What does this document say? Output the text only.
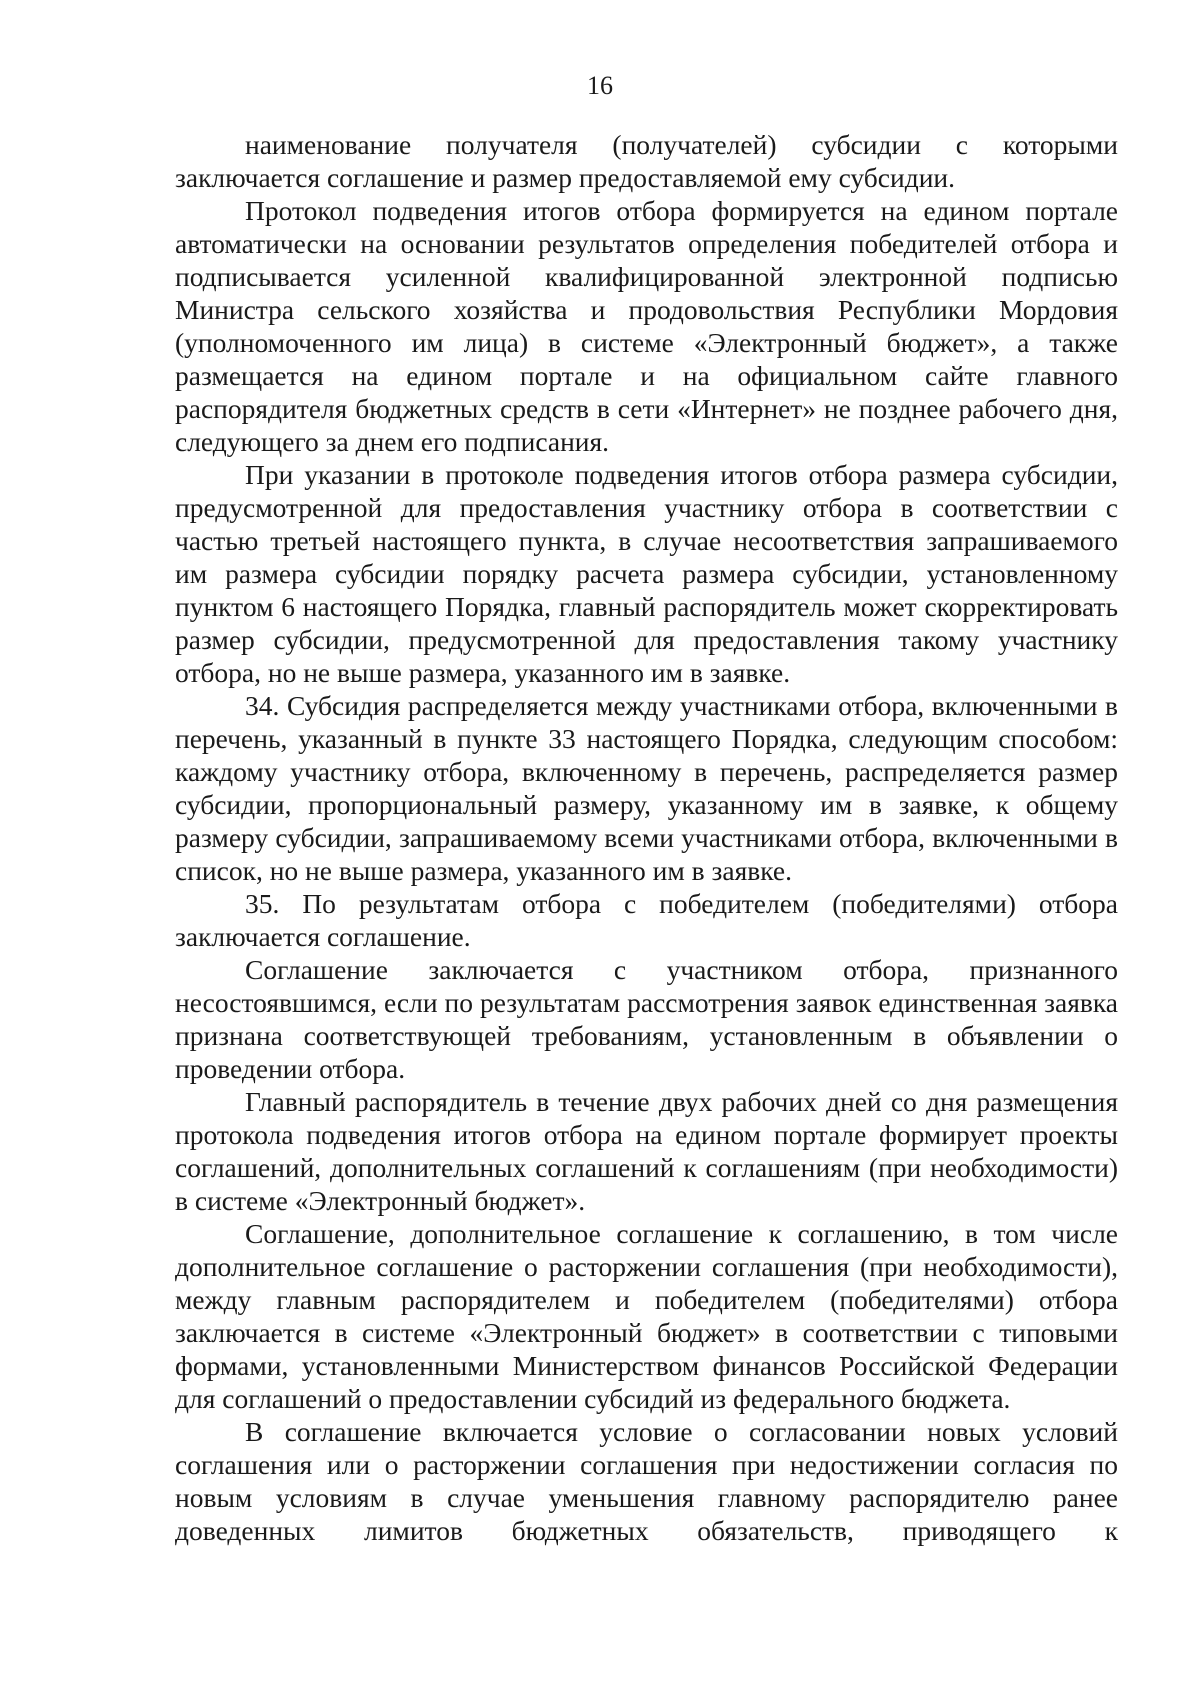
16

наименование получателя (получателей) субсидии с которыми заключается соглашение и размер предоставляемой ему субсидии.

Протокол подведения итогов отбора формируется на едином портале автоматически на основании результатов определения победителей отбора и подписывается усиленной квалифицированной электронной подписью Министра сельского хозяйства и продовольствия Республики Мордовия (уполномоченного им лица) в системе «Электронный бюджет», а также размещается на едином портале и на официальном сайте главного распорядителя бюджетных средств в сети «Интернет» не позднее рабочего дня, следующего за днем его подписания.

При указании в протоколе подведения итогов отбора размера субсидии, предусмотренной для предоставления участнику отбора в соответствии с частью третьей настоящего пункта, в случае несоответствия запрашиваемого им размера субсидии порядку расчета размера субсидии, установленному пунктом 6 настоящего Порядка, главный распорядитель может скорректировать размер субсидии, предусмотренной для предоставления такому участнику отбора, но не выше размера, указанного им в заявке.

34. Субсидия распределяется между участниками отбора, включенными в перечень, указанный в пункте 33 настоящего Порядка, следующим способом: каждому участнику отбора, включенному в перечень, распределяется размер субсидии, пропорциональный размеру, указанному им в заявке, к общему размеру субсидии, запрашиваемому всеми участниками отбора, включенными в список, но не выше размера, указанного им в заявке.

35. По результатам отбора с победителем (победителями) отбора заключается соглашение.

Соглашение заключается с участником отбора, признанного несостоявшимся, если по результатам рассмотрения заявок единственная заявка признана соответствующей требованиям, установленным в объявлении о проведении отбора.

Главный распорядитель в течение двух рабочих дней со дня размещения протокола подведения итогов отбора на едином портале формирует проекты соглашений, дополнительных соглашений к соглашениям (при необходимости) в системе «Электронный бюджет».

Соглашение, дополнительное соглашение к соглашению, в том числе дополнительное соглашение о расторжении соглашения (при необходимости), между главным распорядителем и победителем (победителями) отбора заключается в системе «Электронный бюджет» в соответствии с типовыми формами, установленными Министерством финансов Российской Федерации для соглашений о предоставлении субсидий из федерального бюджета.

В соглашение включается условие о согласовании новых условий соглашения или о расторжении соглашения при недостижении согласия по новым условиям в случае уменьшения главному распорядителю ранее доведенных лимитов бюджетных обязательств, приводящего к
